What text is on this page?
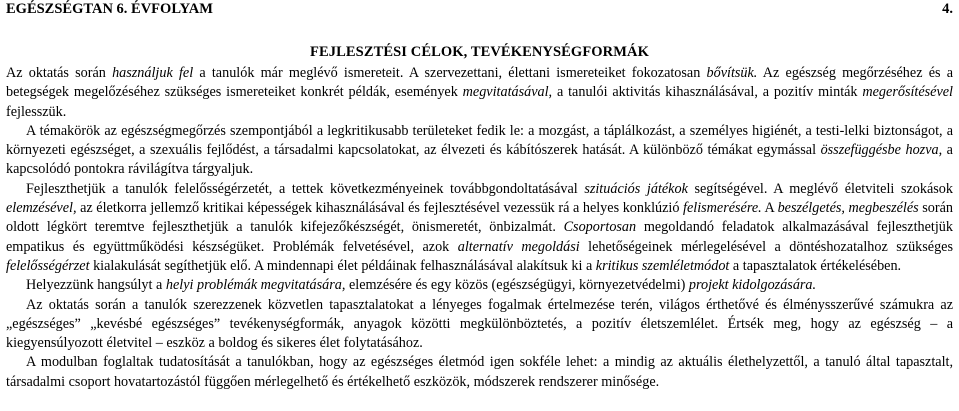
EGÉSZSÉGTAN 6. ÉVFOLYAM	4.
FEJLESZTÉSI CÉLOK, TEVÉKENYSÉGFORMÁK

Az oktatás során használjuk fel a tanulók már meglévő ismereteit. A szervezettani, élettani ismereteiket fokozatosan bővítsük. Az egészség megőrzéséhez és a betegségek megelőzéséhez szükséges ismereteiket konkrét példák, események megvitatásával, a tanulói aktivitás kihasználásával, a pozitív minták megerősítésével fejlesszük.

A témakörök az egészségmegőrzés szempontjából a legkritikusabb területeket fedik le: a mozgást, a táplálkozást, a személyes higiénét, a testi-lelki biztonságot, a környezeti egészséget, a szexuális fejlődést, a társadalmi kapcsolatokat, az élvezeti és kábítószerek hatását. A különböző témákat egymással összefüggésbe hozva, a kapcsolódó pontokra rávilágítva tárgyaljuk.

Fejleszthetjük a tanulók felelősségérzetét, a tettek következményeinek továbbgondoltatásával szituációs játékok segítségével. A meglévő életviteli szokások elemzésével, az életkorra jellemző kritikai képességek kihasználásával és fejlesztésével vezessük rá a helyes konklúzió felismerésére. A beszélgetés, megbeszélés során oldott légkört teremtve fejleszthetjük a tanulók kifejezőkészségét, önismeretét, önbizalmát. Csoportosan megoldandó feladatok alkalmazásával fejleszthetjük empatikus és együttműködési készségüket. Problémák felvetésével, azok alternatív megoldási lehetőségeinek mérlegelésével a döntéshozatalhoz szükséges felelősségérzet kialakulását segíthetjük elő. A mindennapi élet példáinak felhasználásával alakítsuk ki a kritikus szemléletmódot a tapasztalatok értékelésében.

Helyezzünk hangsúlyt a helyi problémák megvitatására, elemzésére és egy közös (egészségügyi, környezetvédelmi) projekt kidolgozására.

Az oktatás során a tanulók szerezzenek közvetlen tapasztalatokat a lényeges fogalmak értelmezése terén, világos érthetővé és élménysszerűvé számukra az „egészséges” „kevésbé egészséges” tevékenységformák, anyagok közötti megkülönböztetés, a pozitív életszemlélet. Értsék meg, hogy az egészség – a kiegyensúlyozott életvitel – eszköz a boldog és sikeres élet folytatásához.

A modulban foglaltak tudatosítását a tanulókban, hogy az egészséges életmód igen sokféle lehet: a mindig az aktuális élethelyzettől, a tanuló által tapasztalt, társadalmi csoport hovatartozástól függően mérlegelhető és értékelhető eszközök, módszerek rendszerer minősége.
